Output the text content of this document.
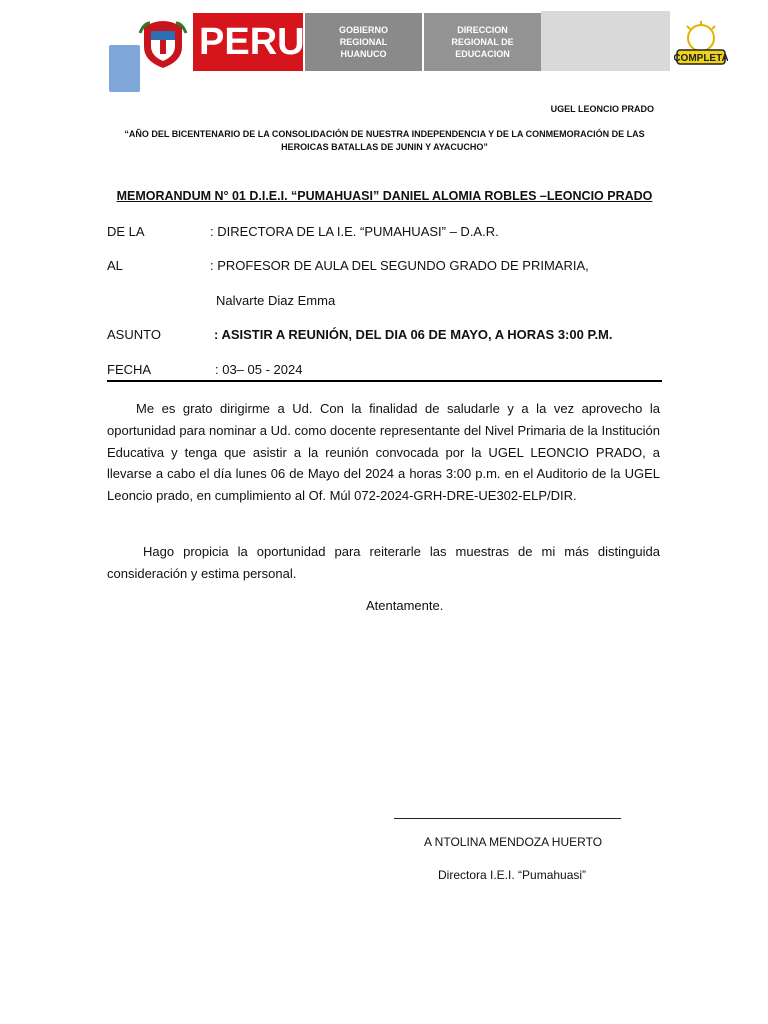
PERU	GOBIERNO REGIONAL HUANUCO
DIRECCION REGIONAL DE EDUCACION	COMPLETA
UGEL LEONCIO PRADO
“AÑO DEL BICENTENARIO DE LA CONSOLIDACIÓN DE NUESTRA INDEPENDENCIA Y DE LA CONMEMORACIÓN DE LAS HEROICAS BATALLAS DE JUNIN Y AYACUCHO”
MEMORANDUM N° 01 D.I.E.I. “PUMAHUASI” DANIEL ALOMIA ROBLES –LEONCIO PRADO
DE LA	: DIRECTORA DE LA I.E. “PUMAHUASI” – D.A.R.
AL	: PROFESOR DE AULA DEL SEGUNDO GRADO DE PRIMARIA,
Nalvarte Diaz Emma
ASUNTO	: ASISTIR A REUNIÓN, DEL DIA 06 DE MAYO, A HORAS 3:00 P.M.
FECHA	: 03– 05 - 2024
Me es grato dirigirme a Ud. Con la finalidad de saludarle y a la vez aprovecho la oportunidad para nominar a Ud. como docente representante del Nivel Primaria de la Institución Educativa y tenga que asistir a la reunión convocada por la UGEL LEONCIO PRADO, a llevarse a cabo el día lunes 06 de Mayo del 2024 a horas 3:00 p.m. en el Auditorio de la UGEL Leoncio prado, en cumplimiento al Of. Múl 072-2024-GRH-DRE-UE302-ELP/DIR.
Hago propicia la oportunidad para reiterarle las muestras de mi más distinguida consideración y estima personal.
Atentamente.
A NTOLINA MENDOZA HUERTO
Directora I.E.I. “Pumahuasi”
